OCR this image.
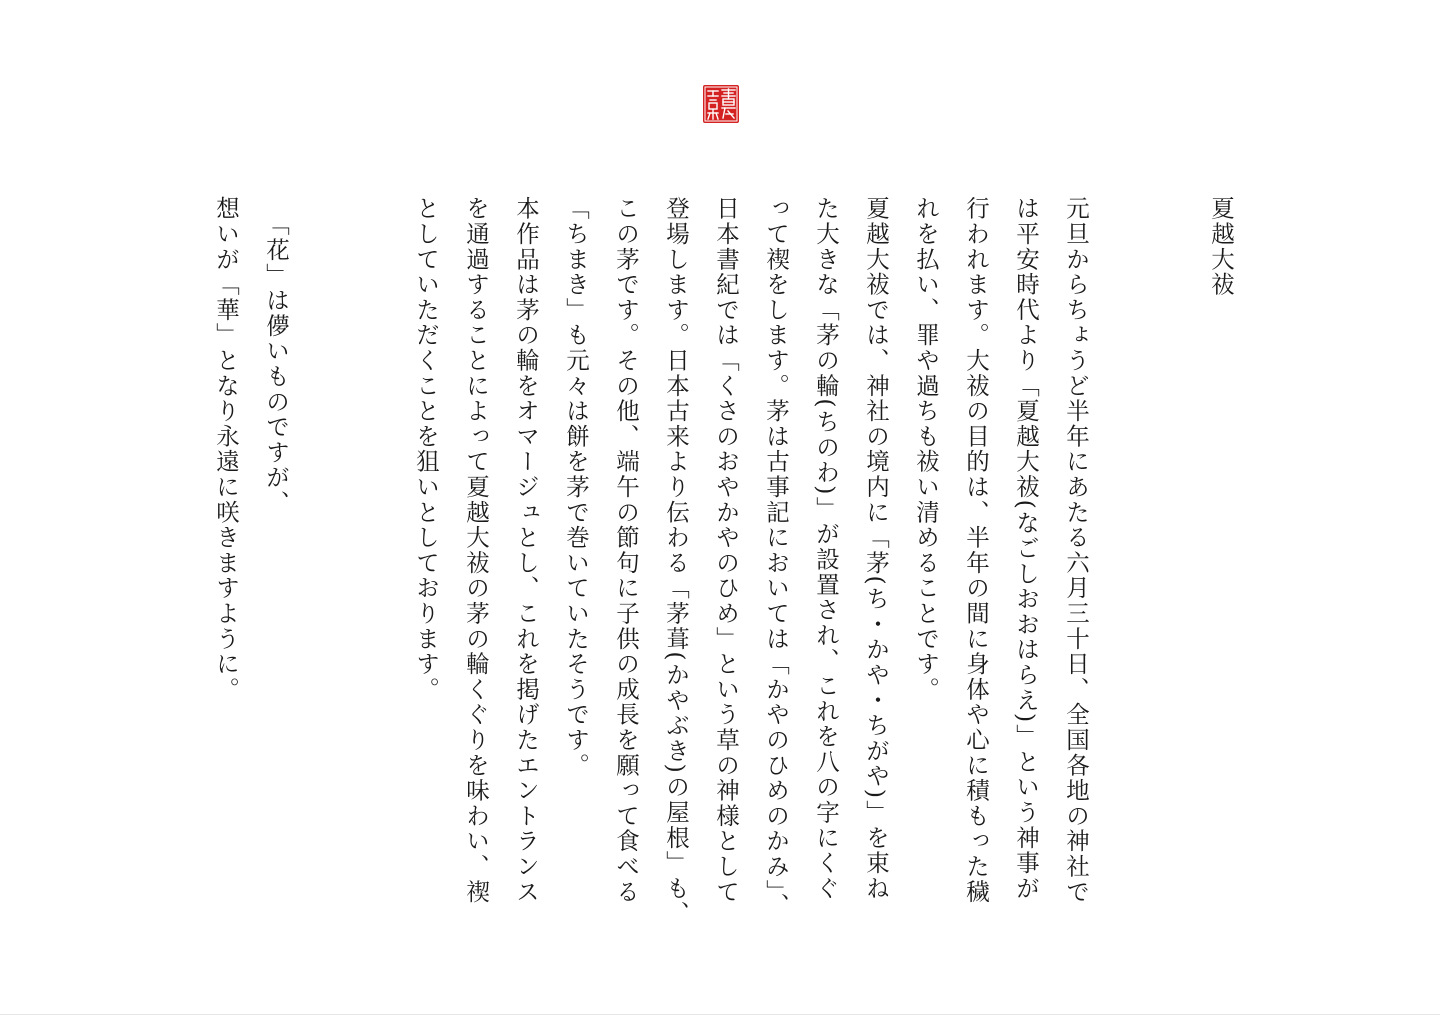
夏越大祓
元旦からちょうど半年にあたる六月三十日、全国各地の神社で
は平安時代より「夏越大祓(なごしおおはらえ)」という神事が
行われます。大祓の目的は、半年の間に身体や心に積もった穢
れを払い、罪や過ちも祓い清めることです。
夏越大祓では、神社の境内に「茅(ち・かや・ちがや)」を束ね
た大きな「茅の輪(ちのわ)」が設置され、これを八の字にくぐ
って禊をします。茅は古事記においては「かやのひめのかみ」、
日本書紀では「くさのおやかやのひめ」という草の神様として
登場します。日本古来より伝わる「茅葺(かやぶき)の屋根」も、
この茅です。その他、端午の節句に子供の成長を願って食べる
「ちまき」も元々は餅を茅で巻いていたそうです。
本作品は茅の輪をオマージュとし、これを掲げたエントランス
を通過することによって夏越大祓の茅の輪くぐりを味わい、禊
としていただくことを狙いとしております。
「花」は儚いものですが、
想いが「華」となり永遠に咲きますように。
